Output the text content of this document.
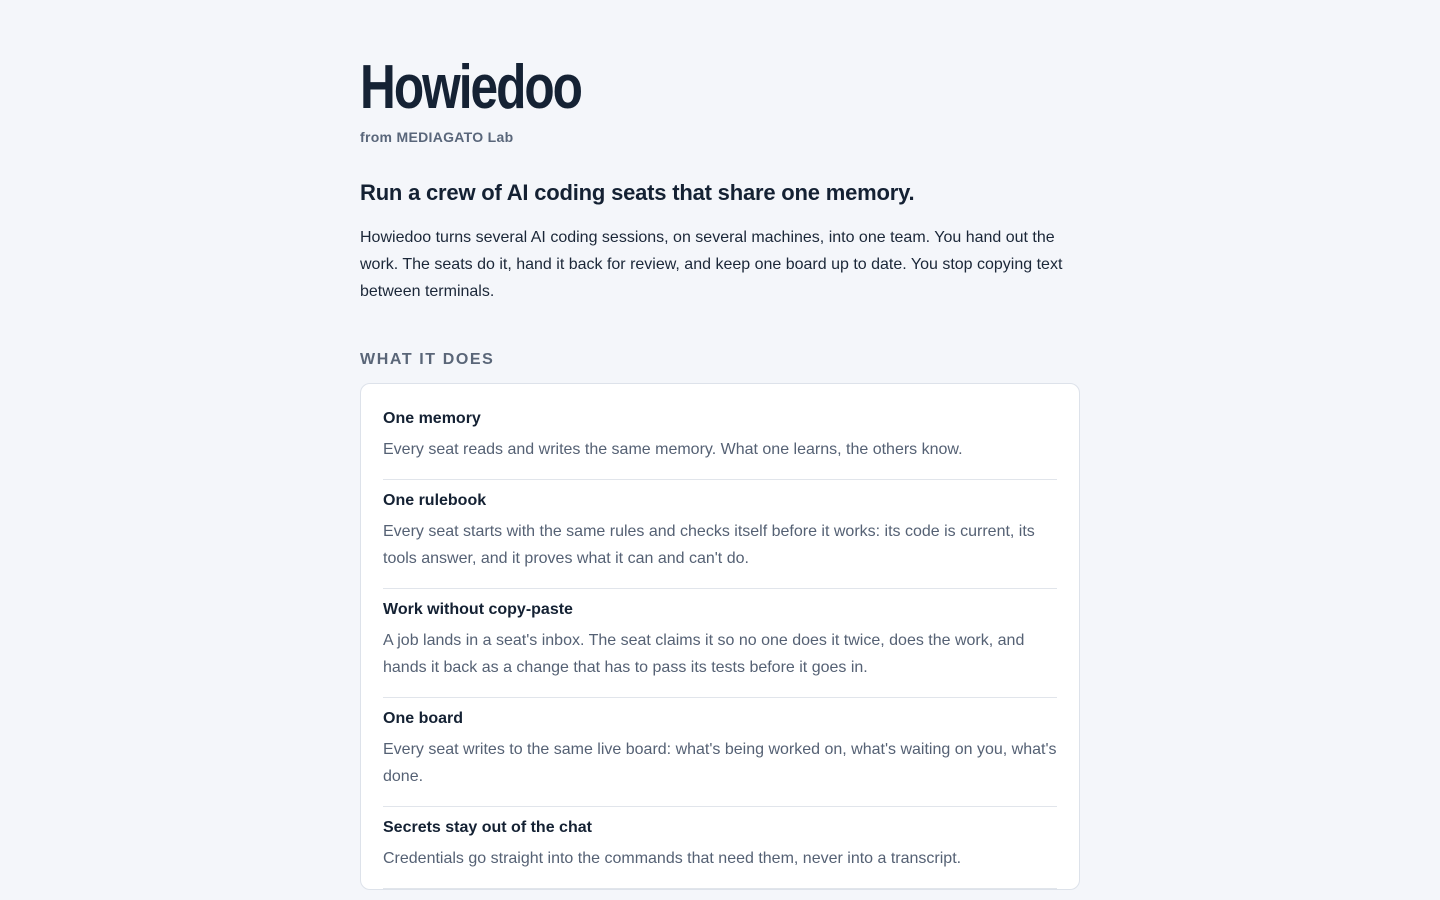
Howiedoo
from MEDIAGATO Lab
Run a crew of AI coding seats that share one memory.

Howiedoo turns several AI coding sessions, on several machines, into one team. You hand out the work. The seats do it, hand it back for review, and keep one board up to date. You stop copying text between terminals.

WHAT IT DOES
One memory
Every seat reads and writes the same memory. What one learns, the others know.
One rulebook
Every seat starts with the same rules and checks itself before it works: its code is current, its tools answer, and it proves what it can and can't do.
Work without copy-paste
A job lands in a seat's inbox. The seat claims it so no one does it twice, does the work, and hands it back as a change that has to pass its tests before it goes in.
One board
Every seat writes to the same live board: what's being worked on, what's waiting on you, what's done.
Secrets stay out of the chat
Credentials go straight into the commands that need them, never into a transcript.
